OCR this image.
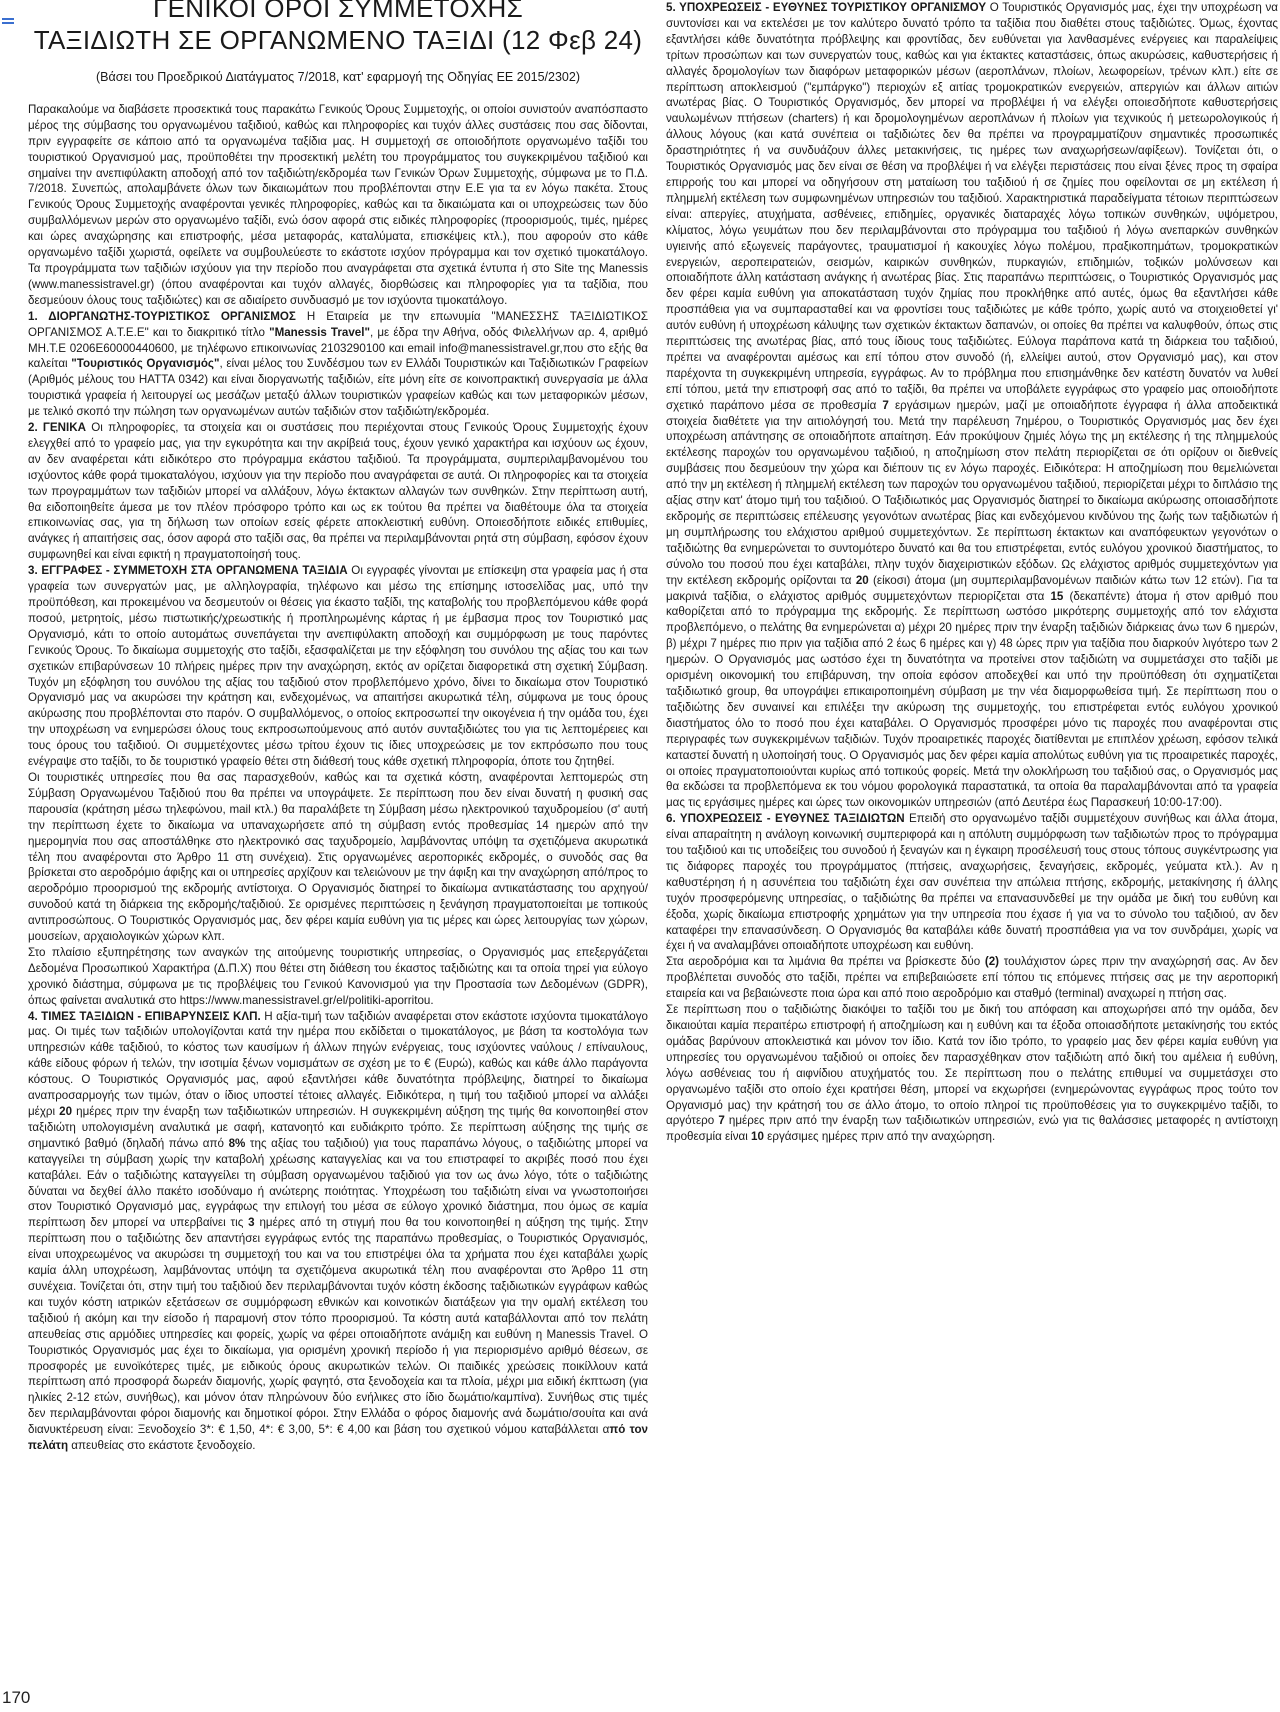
ΓΕΝΙΚΟΙ ΟΡΟΙ ΣΥΜΜΕΤΟΧΗΣ
ΤΑΞΙΔΙΩΤΗ ΣΕ ΟΡΓΑΝΩΜΕΝΟ ΤΑΞΙΔΙ (12 Φεβ 24)

(Βάσει του Προεδρικού Διατάγματος 7/2018, κατ' εφαρμογή της Οδηγίας ΕΕ 2015/2302)

Παρακαλούμε να διαβάσετε προσεκτικά τους παρακάτω Γενικούς Όρους Συμμετοχής, οι οποίοι συνιστούν αναπόσπαστο μέρος της σύμβασης του οργανωμένου ταξιδιού, καθώς και πληροφορίες και τυχόν άλλες συστάσεις που σας δίδονται, πριν εγγραφείτε σε κάποιο από τα οργανωμένα ταξίδια μας. Η συμμετοχή σε οποιοδήποτε οργανωμένο ταξίδι του τουριστικού Οργανισμού μας, προϋποθέτει την προσεκτική μελέτη του προγράμματος του συγκεκριμένου ταξιδιού και σημαίνει την ανεπιφύλακτη αποδοχή από τον ταξιδιώτη/εκδρομέα των Γενικών Όρων Συμμετοχής, σύμφωνα με το Π.Δ. 7/2018. Συνεπώς, απολαμβάνετε όλων των δικαιωμάτων που προβλέπονται στην Ε.Ε για τα εν λόγω πακέτα. Στους Γενικούς Όρους Συμμετοχής αναφέρονται γενικές πληροφορίες, καθώς και τα δικαιώματα και οι υποχρεώσεις των δύο συμβαλλόμενων μερών στο οργανωμένο ταξίδι, ενώ όσον αφορά στις ειδικές πληροφορίες (προορισμούς, τιμές, ημέρες και ώρες αναχώρησης και επιστροφής, μέσα μεταφοράς, καταλύματα, επισκέψεις κτλ.), που αφορούν στο κάθε οργανωμένο ταξίδι χωριστά, οφείλετε να συμβουλεύεστε το εκάστοτε ισχύον πρόγραμμα και τον σχετικό τιμοκατάλογο. Τα προγράμματα των ταξιδιών ισχύουν για την περίοδο που αναγράφεται στα σχετικά έντυπα ή στο Site της Manessis (www.manessistravel.gr) (όπου αναφέρονται και τυχόν αλλαγές, διορθώσεις και πληροφορίες για τα ταξίδια, που δεσμεύουν όλους τους ταξιδιώτες) και σε αδιαίρετο συνδυασμό με τον ισχύοντα τιμοκατάλογο.

1. ΔΙΟΡΓΑΝΩΤΗΣ-ΤΟΥΡΙΣΤΙΚΟΣ ΟΡΓΑΝΙΣΜΟΣ Η Εταιρεία με την επωνυμία "ΜΑΝΕΣΣΗΣ ΤΑΞΙΔΙΩΤΙΚΟΣ ΟΡΓΑΝΙΣΜΟΣ Α.Τ.Ε.Ε" και το διακριτικό τίτλο "Manessis Travel", με έδρα την Αθήνα, οδός Φιλελλήνων αρ. 4, αριθμό ΜΗ.Τ.Ε 0206Ε60000440600, με τηλέφωνο επικοινωνίας 2103290100 και email info@manessistravel.gr,που στο εξής θα καλείται "Τουριστικός Οργανισμός", είναι μέλος του Συνδέσμου των εν Ελλάδι Τουριστικών και Ταξιδιωτικών Γραφείων (Αριθμός μέλους του HATTA 0342) και είναι διοργανωτής ταξιδιών, είτε μόνη είτε σε κοινοπρακτική συνεργασία με άλλα τουριστικά γραφεία ή λειτουργεί ως μεσάζων μεταξύ άλλων τουριστικών γραφείων καθώς και των μεταφορικών μέσων, με τελικό σκοπό την πώληση των οργανωμένων αυτών ταξιδιών στον ταξιδιώτη/εκδρομέα.

2. ΓΕΝΙΚΑ Οι πληροφορίες, τα στοιχεία και οι συστάσεις που περιέχονται στους Γενικούς Όρους Συμμετοχής έχουν ελεγχθεί από το γραφείο μας, για την εγκυρότητα και την ακρίβειά τους, έχουν γενικό χαρακτήρα και ισχύουν ως έχουν, αν δεν αναφέρεται κάτι ειδικότερο στο πρόγραμμα εκάστου ταξιδιού. Τα προγράμματα, συμπεριλαμβανομένου του ισχύοντος κάθε φορά τιμοκαταλόγου, ισχύουν για την περίοδο που αναγράφεται σε αυτά. Οι πληροφορίες και τα στοιχεία των προγραμμάτων των ταξιδιών μπορεί να αλλάξουν, λόγω έκτακτων αλλαγών των συνθηκών. Στην περίπτωση αυτή, θα ειδοποιηθείτε άμεσα με τον πλέον πρόσφορο τρόπο και ως εκ τούτου θα πρέπει να διαθέτουμε όλα τα στοιχεία επικοινωνίας σας, για τη δήλωση των οποίων εσείς φέρετε αποκλειστική ευθύνη. Οποιεσδήποτε ειδικές επιθυμίες, ανάγκες ή απαιτήσεις σας, όσον αφορά στο ταξίδι σας, θα πρέπει να περιλαμβάνονται ρητά στη σύμβαση, εφόσον έχουν συμφωνηθεί και είναι εφικτή η πραγματοποίησή τους.

3. ΕΓΓΡΑΦΕΣ - ΣΥΜΜΕΤΟΧΗ ΣΤΑ ΟΡΓΑΝΩΜΕΝΑ ΤΑΞΙΔΙΑ Οι εγγραφές γίνονται με επίσκεψη στα γραφεία μας ή στα γραφεία των συνεργατών μας, με αλληλογραφία, τηλέφωνο και μέσω της επίσημης ιστοσελίδας μας, υπό την προϋπόθεση, και προκειμένου να δεσμευτούν οι θέσεις για έκαστο ταξίδι, της καταβολής του προβλεπόμενου κάθε φορά ποσού, μετρητοίς, μέσω πιστωτικής/χρεωστικής ή προπληρωμένης κάρτας ή με έμβασμα προς τον Τουριστικό μας Οργανισμό, κάτι το οποίο αυτομάτως συνεπάγεται την ανεπιφύλακτη αποδοχή και συμμόρφωση με τους παρόντες Γενικούς Όρους. Το δικαίωμα συμμετοχής στο ταξίδι, εξασφαλίζεται με την εξόφληση του συνόλου της αξίας του και των σχετικών επιβαρύνσεων 10 πλήρεις ημέρες πριν την αναχώρηση, εκτός αν ορίζεται διαφορετικά στη σχετική Σύμβαση. Τυχόν μη εξόφληση του συνόλου της αξίας του ταξιδιού στον προβλεπόμενο χρόνο, δίνει το δικαίωμα στον Τουριστικό Οργανισμό μας να ακυρώσει την κράτηση και, ενδεχομένως, να απαιτήσει ακυρωτικά τέλη, σύμφωνα με τους όρους ακύρωσης που προβλέπονται στο παρόν. Ο συμβαλλόμενος, ο οποίος εκπροσωπεί την οικογένεια ή την ομάδα του, έχει την υποχρέωση να ενημερώσει όλους τους εκπροσωπούμενους από αυτόν συνταξιδιώτες του για τις λεπτομέρειες και τους όρους του ταξιδιού. Οι συμμετέχοντες μέσω τρίτου έχουν τις ίδιες υποχρεώσεις με τον εκπρόσωπο που τους ενέγραψε στο ταξίδι, το δε τουριστικό γραφείο θέτει στη διάθεσή τους κάθε σχετική πληροφορία, όποτε του ζητηθεί.

Οι τουριστικές υπηρεσίες που θα σας παρασχεθούν, καθώς και τα σχετικά κόστη, αναφέρονται λεπτομερώς στη Σύμβαση Οργανωμένου Ταξιδιού που θα πρέπει να υπογράψετε. Σε περίπτωση που δεν είναι δυνατή η φυσική σας παρουσία (κράτηση μέσω τηλεφώνου, mail κτλ.) θα παραλάβετε τη Σύμβαση μέσω ηλεκτρονικού ταχυδρομείου (σ' αυτή την περίπτωση έχετε το δικαίωμα να υπαναχωρήσετε από τη σύμβαση εντός προθεσμίας 14 ημερών από την ημερομηνία που σας αποστάλθηκε στο ηλεκτρονικό σας ταχυδρομείο, λαμβάνοντας υπόψη τα σχετιζόμενα ακυρωτικά τέλη που αναφέρονται στο Άρθρο 11 στη συνέχεια). Στις οργανωμένες αεροπορικές εκδρομές, ο συνοδός σας θα βρίσκεται στο αεροδρόμιο άφιξης και οι υπηρεσίες αρχίζουν και τελειώνουν με την άφιξη και την αναχώρηση από/προς το αεροδρόμιο προορισμού της εκδρομής αντίστοιχα. Ο Οργανισμός διατηρεί το δικαίωμα αντικατάστασης του αρχηγού/συνοδού κατά τη διάρκεια της εκδρομής/ταξιδιού. Σε ορισμένες περιπτώσεις η ξενάγηση πραγματοποιείται με τοπικούς αντιπροσώπους. Ο Τουριστικός Οργανισμός μας, δεν φέρει καμία ευθύνη για τις μέρες και ώρες λειτουργίας των χώρων, μουσείων, αρχαιολογικών χώρων κλπ.

Στο πλαίσιο εξυπηρέτησης των αναγκών της αιτούμενης τουριστικής υπηρεσίας, ο Οργανισμός μας επεξεργάζεται Δεδομένα Προσωπικού Χαρακτήρα (Δ.Π.Χ) που θέτει στη διάθεση του έκαστος ταξιδιώτης και τα οποία τηρεί για εύλογο χρονικό διάστημα, σύμφωνα με τις προβλέψεις του Γενικού Κανονισμού για την Προστασία των Δεδομένων (GDPR), όπως φαίνεται αναλυτικά στο https://www.manessistravel.gr/el/politiki-aporritou.

4. ΤΙΜΕΣ ΤΑΞΙΔΙΩΝ - ΕΠΙΒΑΡΥΝΣΕΙΣ ΚΛΠ. Η αξία-τιμή των ταξιδιών αναφέρεται στον εκάστοτε ισχύοντα τιμοκατάλογο μας. Οι τιμές των ταξιδιών υπολογίζονται κατά την ημέρα που εκδίδεται ο τιμοκατάλογος, με βάση τα κοστολόγια των υπηρεσιών κάθε ταξιδιού, το κόστος των καυσίμων ή άλλων πηγών ενέργειας, τους ισχύοντες ναύλους / επίναυλους, κάθε είδους φόρων ή τελών, την ισοτιμία ξένων νομισμάτων σε σχέση με το € (Ευρώ), καθώς και κάθε άλλο παράγοντα κόστους. Ο Τουριστικός Οργανισμός μας, αφού εξαντλήσει κάθε δυνατότητα πρόβλεψης, διατηρεί το δικαίωμα αναπροσαρμογής των τιμών, όταν ο ίδιος υποστεί τέτοιες αλλαγές. Ειδικότερα, η τιμή του ταξιδιού μπορεί να αλλάξει μέχρι 20 ημέρες πριν την έναρξη των ταξιδιωτικών υπηρεσιών. Η συγκεκριμένη αύξηση της τιμής θα κοινοποιηθεί στον ταξιδιώτη υπολογισμένη αναλυτικά με σαφή, κατανοητό και ευδιάκριτο τρόπο. Σε περίπτωση αύξησης της τιμής σε σημαντικό βαθμό (δηλαδή πάνω από 8% της αξίας του ταξιδιού) για τους παραπάνω λόγους, ο ταξιδιώτης μπορεί να καταγγείλει τη σύμβαση χωρίς την καταβολή χρέωσης καταγγελίας και να του επιστραφεί το ακριβές ποσό που έχει καταβάλει. Εάν ο ταξιδιώτης καταγγείλει τη σύμβαση οργανωμένου ταξιδιού για τον ως άνω λόγο, τότε ο ταξιδιώτης δύναται να δεχθεί άλλο πακέτο ισοδύναμο ή ανώτερης ποιότητας. Υποχρέωση του ταξιδιώτη είναι να γνωστοποιήσει στον Τουριστικό Οργανισμό μας, εγγράφως την επιλογή του μέσα σε εύλογο χρονικό διάστημα, που όμως σε καμία περίπτωση δεν μπορεί να υπερβαίνει τις 3 ημέρες από τη στιγμή που θα του κοινοποιηθεί η αύξηση της τιμής. Στην περίπτωση που ο ταξιδιώτης δεν απαντήσει εγγράφως εντός της παραπάνω προθεσμίας, ο Τουριστικός Οργανισμός, είναι υποχρεωμένος να ακυρώσει τη συμμετοχή του και να του επιστρέψει όλα τα χρήματα που έχει καταβάλει χωρίς καμία άλλη υποχρέωση, λαμβάνοντας υπόψη τα σχετιζόμενα ακυρωτικά τέλη που αναφέρονται στο Άρθρο 11 στη συνέχεια. Τονίζεται ότι, στην τιμή του ταξιδιού δεν περιλαμβάνονται τυχόν κόστη έκδοσης ταξιδιωτικών εγγράφων καθώς και τυχόν κόστη ιατρικών εξετάσεων σε συμμόρφωση εθνικών και κοινοτικών διατάξεων για την ομαλή εκτέλεση του ταξιδιού ή ακόμη και την είσοδο ή παραμονή στον τόπο προορισμού. Τα κόστη αυτά καταβάλλονται από τον πελάτη απευθείας στις αρμόδιες υπηρεσίες και φορείς, χωρίς να φέρει οποιαδήποτε ανάμιξη και ευθύνη η Manessis Travel. Ο Τουριστικός Οργανισμός μας έχει το δικαίωμα, για ορισμένη χρονική περίοδο ή για περιορισμένο αριθμό θέσεων, σε προσφορές με ευνοϊκότερες τιμές, με ειδικούς όρους ακυρωτικών τελών. Οι παιδικές χρεώσεις ποικίλλουν κατά περίπτωση από προσφορά δωρεάν διαμονής, χωρίς φαγητό, στα ξενοδοχεία και τα πλοία, μέχρι μια ειδική έκπτωση (για ηλικίες 2-12 ετών, συνήθως), και μόνον όταν πληρώνουν δύο ενήλικες στο ίδιο δωμάτιο/καμπίνα). Συνήθως στις τιμές δεν περιλαμβάνονται φόροι διαμονής και δημοτικοί φόροι. Στην Ελλάδα ο φόρος διαμονής ανά δωμάτιο/σουίτα και ανά διανυκτέρευση είναι: Ξενοδοχείο 3*: € 1,50, 4*: € 3,00, 5*: € 4,00 και βάση του σχετικού νόμου καταβάλλεται από τον πελάτη απευθείας στο εκάστοτε ξενοδοχείο.

5. ΥΠΟΧΡΕΩΣΕΙΣ - ΕΥΘΥΝΕΣ ΤΟΥΡΙΣΤΙΚΟΥ ΟΡΓΑΝΙΣΜΟΥ Ο Τουριστικός Οργανισμός μας, έχει την υποχρέωση να συντονίσει και να εκτελέσει με τον καλύτερο δυνατό τρόπο τα ταξίδια που διαθέτει στους ταξιδιώτες. Όμως, έχοντας εξαντλήσει κάθε δυνατότητα πρόβλεψης και φροντίδας, δεν ευθύνεται για λανθασμένες ενέργειες και παραλείψεις τρίτων προσώπων και των συνεργατών τους, καθώς και για έκτακτες καταστάσεις, όπως ακυρώσεις, καθυστερήσεις ή αλλαγές δρομολογίων των διαφόρων μεταφορικών μέσων (αεροπλάνων, πλοίων, λεωφορείων, τρένων κλπ.) είτε σε περίπτωση αποκλεισμού ("εμπάργκο") περιοχών εξ αιτίας τρομοκρατικών ενεργειών, απεργιών και άλλων αιτιών ανωτέρας βίας. Ο Τουριστικός Οργανισμός, δεν μπορεί να προβλέψει ή να ελέγξει οποιεσδήποτε καθυστερήσεις ναυλωμένων πτήσεων (charters) ή και δρομολογημένων αεροπλάνων ή πλοίων για τεχνικούς ή μετεωρολογικούς ή άλλους λόγους (και κατά συνέπεια οι ταξιδιώτες δεν θα πρέπει να προγραμματίζουν σημαντικές προσωπικές δραστηριότητες ή να συνδυάζουν άλλες μετακινήσεις, τις ημέρες των αναχωρήσεων/αφίξεων). Τονίζεται ότι, ο Τουριστικός Οργανισμός μας δεν είναι σε θέση να προβλέψει ή να ελέγξει περιστάσεις που είναι ξένες προς τη σφαίρα επιρροής του και μπορεί να οδηγήσουν στη ματαίωση του ταξιδιού ή σε ζημίες που οφείλονται σε μη εκτέλεση ή πλημμελή εκτέλεση των συμφωνημένων υπηρεσιών του ταξιδιού. Χαρακτηριστικά παραδείγματα τέτοιων περιπτώσεων είναι: απεργίες, ατυχήματα, ασθένειες, επιδημίες, οργανικές διαταραχές λόγω τοπικών συνθηκών, υψόμετρου, κλίματος, λόγω γευμάτων που δεν περιλαμβάνονται στο πρόγραμμα του ταξιδιού ή λόγω ανεπαρκών συνθηκών υγιεινής από εξωγενείς παράγοντες, τραυματισμοί ή κακουχίες λόγω πολέμου, πραξικοπημάτων, τρομοκρατικών ενεργειών, αεροπειρατειών, σεισμών, καιρικών συνθηκών, πυρκαγιών, επιδημιών, τοξικών μολύνσεων και οποιαδήποτε άλλη κατάσταση ανάγκης ή ανωτέρας βίας. Στις παραπάνω περιπτώσεις, ο Τουριστικός Οργανισμός μας δεν φέρει καμία ευθύνη για αποκατάσταση τυχόν ζημίας που προκλήθηκε από αυτές, όμως θα εξαντλήσει κάθε προσπάθεια για να συμπαρασταθεί και να φροντίσει τους ταξιδιώτες με κάθε τρόπο, χωρίς αυτό να στοιχειοθετεί γι' αυτόν ευθύνη ή υποχρέωση κάλυψης των σχετικών έκτακτων δαπανών, οι οποίες θα πρέπει να καλυφθούν, όπως στις περιπτώσεις της ανωτέρας βίας, από τους ίδιους τους ταξιδιώτες. Εύλογα παράπονα κατά τη διάρκεια του ταξιδιού, πρέπει να αναφέρονται αμέσως και επί τόπου στον συνοδό (ή, ελλείψει αυτού, στον Οργανισμό μας), και στον παρέχοντα τη συγκεκριμένη υπηρεσία, εγγράφως. Αν το πρόβλημα που επισημάνθηκε δεν κατέστη δυνατόν να λυθεί επί τόπου, μετά την επιστροφή σας από το ταξίδι, θα πρέπει να υποβάλετε εγγράφως στο γραφείο μας οποιοδήποτε σχετικό παράπονο μέσα σε προθεσμία 7 εργάσιμων ημερών, μαζί με οποιαδήποτε έγγραφα ή άλλα αποδεικτικά στοιχεία διαθέτετε για την αιτιολόγησή του. Μετά την παρέλευση 7ημέρου, ο Τουριστικός Οργανισμός μας δεν έχει υποχρέωση απάντησης σε οποιαδήποτε απαίτηση. Εάν προκύψουν ζημιές λόγω της μη εκτέλεσης ή της πλημμελούς εκτέλεσης παροχών του οργανωμένου ταξιδιού, η αποζημίωση στον πελάτη περιορίζεται σε ότι ορίζουν οι διεθνείς συμβάσεις που δεσμεύουν την χώρα και διέπουν τις εν λόγω παροχές. Ειδικότερα: Η αποζημίωση που θεμελιώνεται από την μη εκτέλεση ή πλημμελή εκτέλεση των παροχών του οργανωμένου ταξιδιού, περιορίζεται μέχρι το διπλάσιο της αξίας στην κατ' άτομο τιμή του ταξιδιού. Ο Ταξιδιωτικός μας Οργανισμός διατηρεί το δικαίωμα ακύρωσης οποιασδήποτε εκδρομής σε περιπτώσεις επέλευσης γεγονότων ανωτέρας βίας και ενδεχόμενου κινδύνου της ζωής των ταξιδιωτών ή μη συμπλήρωσης του ελάχιστου αριθμού συμμετεχόντων. Σε περίπτωση έκτακτων και αναπόφευκτων γεγονότων ο ταξιδιώτης θα ενημερώνεται το συντομότερο δυνατό και θα του επιστρέφεται, εντός ευλόγου χρονικού διαστήματος, το σύνολο του ποσού που έχει καταβάλει, πλην τυχόν διαχειριστικών εξόδων. Ως ελάχιστος αριθμός συμμετεχόντων για την εκτέλεση εκδρομής ορίζονται τα 20 (είκοσι) άτομα (μη συμπεριλαμβανομένων παιδιών κάτω των 12 ετών). Για τα μακρινά ταξίδια, ο ελάχιστος αριθμός συμμετεχόντων περιορίζεται στα 15 (δεκαπέντε) άτομα ή στον αριθμό που καθορίζεται από το πρόγραμμα της εκδρομής. Σε περίπτωση ωστόσο μικρότερης συμμετοχής από τον ελάχιστα προβλεπόμενο, ο πελάτης θα ενημερώνεται α) μέχρι 20 ημέρες πριν την έναρξη ταξιδιών διάρκειας άνω των 6 ημερών, β) μέχρι 7 ημέρες πιο πριν για ταξίδια από 2 έως 6 ημέρες και γ) 48 ώρες πριν για ταξίδια που διαρκούν λιγότερο των 2 ημερών. Ο Οργανισμός μας ωστόσο έχει τη δυνατότητα να προτείνει στον ταξιδιώτη να συμμετάσχει στο ταξίδι με ορισμένη οικονομική του επιβάρυνση, την οποία εφόσον αποδεχθεί και υπό την προϋπόθεση ότι σχηματίζεται ταξιδιωτικό group, θα υπογράψει επικαιροποιημένη σύμβαση με την νέα διαμορφωθείσα τιμή. Σε περίπτωση που ο ταξιδιώτης δεν συναινεί και επιλέξει την ακύρωση της συμμετοχής, του επιστρέφεται εντός ευλόγου χρονικού διαστήματος όλο το ποσό που έχει καταβάλει. Ο Οργανισμός προσφέρει μόνο τις παροχές που αναφέρονται στις περιγραφές των συγκεκριμένων ταξιδιών. Τυχόν προαιρετικές παροχές διατίθενται με επιπλέον χρέωση, εφόσον τελικά καταστεί δυνατή η υλοποίησή τους. Ο Οργανισμός μας δεν φέρει καμία απολύτως ευθύνη για τις προαιρετικές παροχές, οι οποίες πραγματοποιούνται κυρίως από τοπικούς φορείς. Μετά την ολοκλήρωση του ταξιδιού σας, ο Οργανισμός μας θα εκδώσει τα προβλεπόμενα εκ του νόμου φορολογικά παραστατικά, τα οποία θα παραλαμβάνονται από τα γραφεία μας τις εργάσιμες ημέρες και ώρες των οικονομικών υπηρεσιών (από Δευτέρα έως Παρασκευή 10:00-17:00).

6. ΥΠΟΧΡΕΩΣΕΙΣ - ΕΥΘΥΝΕΣ ΤΑΞΙΔΙΩΤΩΝ Επειδή στο οργανωμένο ταξίδι συμμετέχουν συνήθως και άλλα άτομα, είναι απαραίτητη η ανάλογη κοινωνική συμπεριφορά και η απόλυτη συμμόρφωση των ταξιδιωτών προς το πρόγραμμα του ταξιδιού και τις υποδείξεις του συνοδού ή ξεναγών και η έγκαιρη προσέλευσή τους στους τόπους συγκέντρωσης για τις διάφορες παροχές του προγράμματος (πτήσεις, αναχωρήσεις, ξεναγήσεις, εκδρομές, γεύματα κτλ.). Αν η καθυστέρηση ή η ασυνέπεια του ταξιδιώτη έχει σαν συνέπεια την απώλεια πτήσης, εκδρομής, μετακίνησης ή άλλης τυχόν προσφερόμενης υπηρεσίας, ο ταξιδιώτης θα πρέπει να επανασυνδεθεί με την ομάδα με δική του ευθύνη και έξοδα, χωρίς δικαίωμα επιστροφής χρημάτων για την υπηρεσία που έχασε ή για να το σύνολο του ταξιδιού, αν δεν καταφέρει την επανασύνδεση. Ο Οργανισμός θα καταβάλει κάθε δυνατή προσπάθεια για να τον συνδράμει, χωρίς να έχει ή να αναλαμβάνει οποιαδήποτε υποχρέωση και ευθύνη.

Στα αεροδρόμια και τα λιμάνια θα πρέπει να βρίσκεστε δύο (2) τουλάχιστον ώρες πριν την αναχώρησή σας. Αν δεν προβλέπεται συνοδός στο ταξίδι, πρέπει να επιβεβαιώσετε επί τόπου τις επόμενες πτήσεις σας με την αεροπορική εταιρεία και να βεβαιώνεστε ποια ώρα και από ποιο αεροδρόμιο και σταθμό (terminal) αναχωρεί η πτήση σας.

Σε περίπτωση που ο ταξιδιώτης διακόψει το ταξίδι του με δική του απόφαση και αποχωρήσει από την ομάδα, δεν δικαιούται καμία περαιτέρω επιστροφή ή αποζημίωση και η ευθύνη και τα έξοδα οποιασδήποτε μετακίνησής του εκτός ομάδας βαρύνουν αποκλειστικά και μόνον τον ίδιο. Κατά τον ίδιο τρόπο, το γραφείο μας δεν φέρει καμία ευθύνη για υπηρεσίες του οργανωμένου ταξιδιού οι οποίες δεν παρασχέθηκαν στον ταξιδιώτη από δική του αμέλεια ή ευθύνη, λόγω ασθένειας του ή αιφνίδιου ατυχήματός του. Σε περίπτωση που ο πελάτης επιθυμεί να συμμετάσχει στο οργανωμένο ταξίδι στο οποίο έχει κρατήσει θέση, μπορεί να εκχωρήσει (ενημερώνοντας εγγράφως προς τούτο τον Οργανισμό μας) την κράτησή του σε άλλο άτομο, το οποίο πληροί τις προϋποθέσεις για το συγκεκριμένο ταξίδι, το αργότερο 7 ημέρες πριν από την έναρξη των ταξιδιωτικών υπηρεσιών, ενώ για τις θαλάσσιες μεταφορές η αντίστοιχη προθεσμία είναι 10 εργάσιμες ημέρες πριν από την αναχώρηση.

170
